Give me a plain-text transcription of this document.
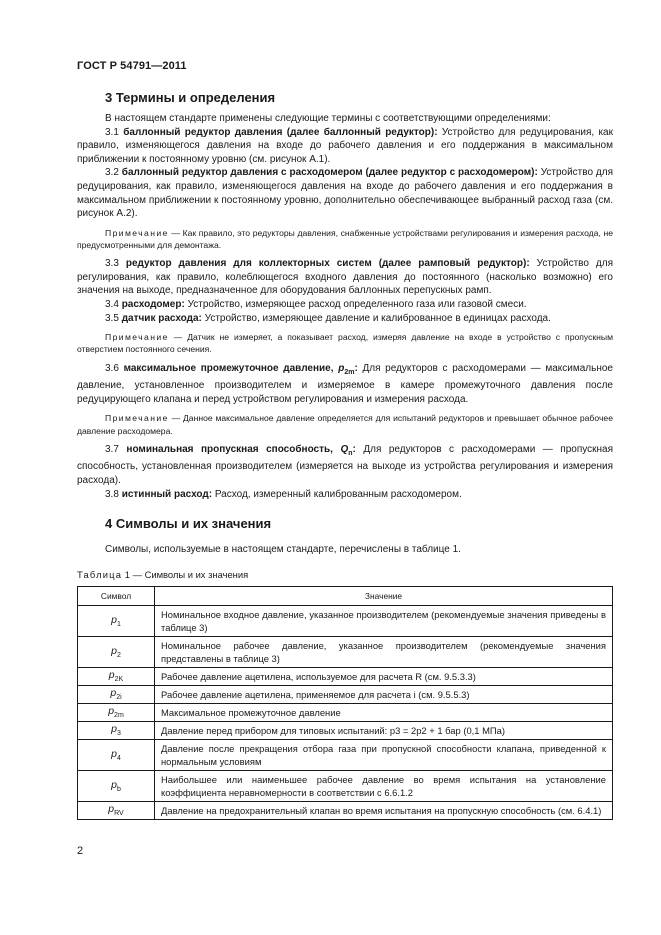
ГОСТ Р 54791—2011
3 Термины и определения

В настоящем стандарте применены следующие термины с соответствующими определениями:

3.1 баллонный редуктор давления (далее баллонный редуктор): Устройство для редуцирования, как правило, изменяющегося давления на входе до рабочего давления и его поддержания в максимальном приближении к постоянному уровню (см. рисунок А.1).

3.2 баллонный редуктор давления с расходомером (далее редуктор с расходомером): Устройство для редуцирования, как правило, изменяющегося давления на входе до рабочего давления и его поддержания в максимальном приближении к постоянному уровню, дополнительно обеспечивающее выбранный расход газа (см. рисунок А.2).

Примечание — Как правило, это редукторы давления, снабженные устройствами регулирования и измерения расхода, не предусмотренными для демонтажа.

3.3 редуктор давления для коллекторных систем (далее рамповый редуктор): Устройство для регулирования, как правило, колеблющегося входного давления до постоянного (насколько возможно) его значения на выходе, предназначенное для оборудования баллонных перепускных рамп.

3.4 расходомер: Устройство, измеряющее расход определенного газа или газовой смеси.

3.5 датчик расхода: Устройство, измеряющее давление и калиброванное в единицах расхода.

Примечание — Датчик не измеряет, а показывает расход, измеряя давление на входе в устройство с пропускным отверстием постоянного сечения.

3.6 максимальное промежуточное давление, $p_{2m}$: Для редукторов с расходомерами — максимальное давление, установленное производителем и измеряемое в камере промежуточного давления после редуцирующего клапана и перед устройством регулирования и измерения расхода.

Примечание — Данное максимальное давление определяется для испытаний редукторов и превышает обычное рабочее давление расходомера.

3.7 номинальная пропускная способность, $Q_n$: Для редукторов с расходомерами — пропускная способность, установленная производителем (измеряется на выходе из устройства регулирования и измерения расхода).

3.8 истинный расход: Расход, измеренный калиброванным расходомером.

4 Символы и их значения

Символы, используемые в настоящем стандарте, перечислены в таблице 1.

Таблица 1 — Символы и их значения
Символ	Значение
$p_1$	Номинальное входное давление, указанное производителем (рекомендуемые значения приведены в таблице 3)
$p_2$	Номинальное рабочее давление, указанное производителем (рекомендуемые значения представлены в таблице 3)
$p_{2K}$	Рабочее давление ацетилена, используемое для расчета R (см. 9.5.3.3)
$p_{2i}$	Рабочее давление ацетилена, применяемое для расчета i (см. 9.5.5.3)
$p_{2m}$	Максимальное промежуточное давление
$p_3$	Давление перед прибором для типовых испытаний: p3 = 2p2 + 1 бар (0,1 МПа)
$p_4$	Давление после прекращения отбора газа при пропускной способности клапана, приведенной к нормальным условиям
$p_b$	Наибольшее или наименьшее рабочее давление во время испытания на установление коэффициента неравномерности в соответствии с 6.6.1.2
$p_{RV}$	Давление на предохранительный клапан во время испытания на пропускную способность (см. 6.4.1)
2
